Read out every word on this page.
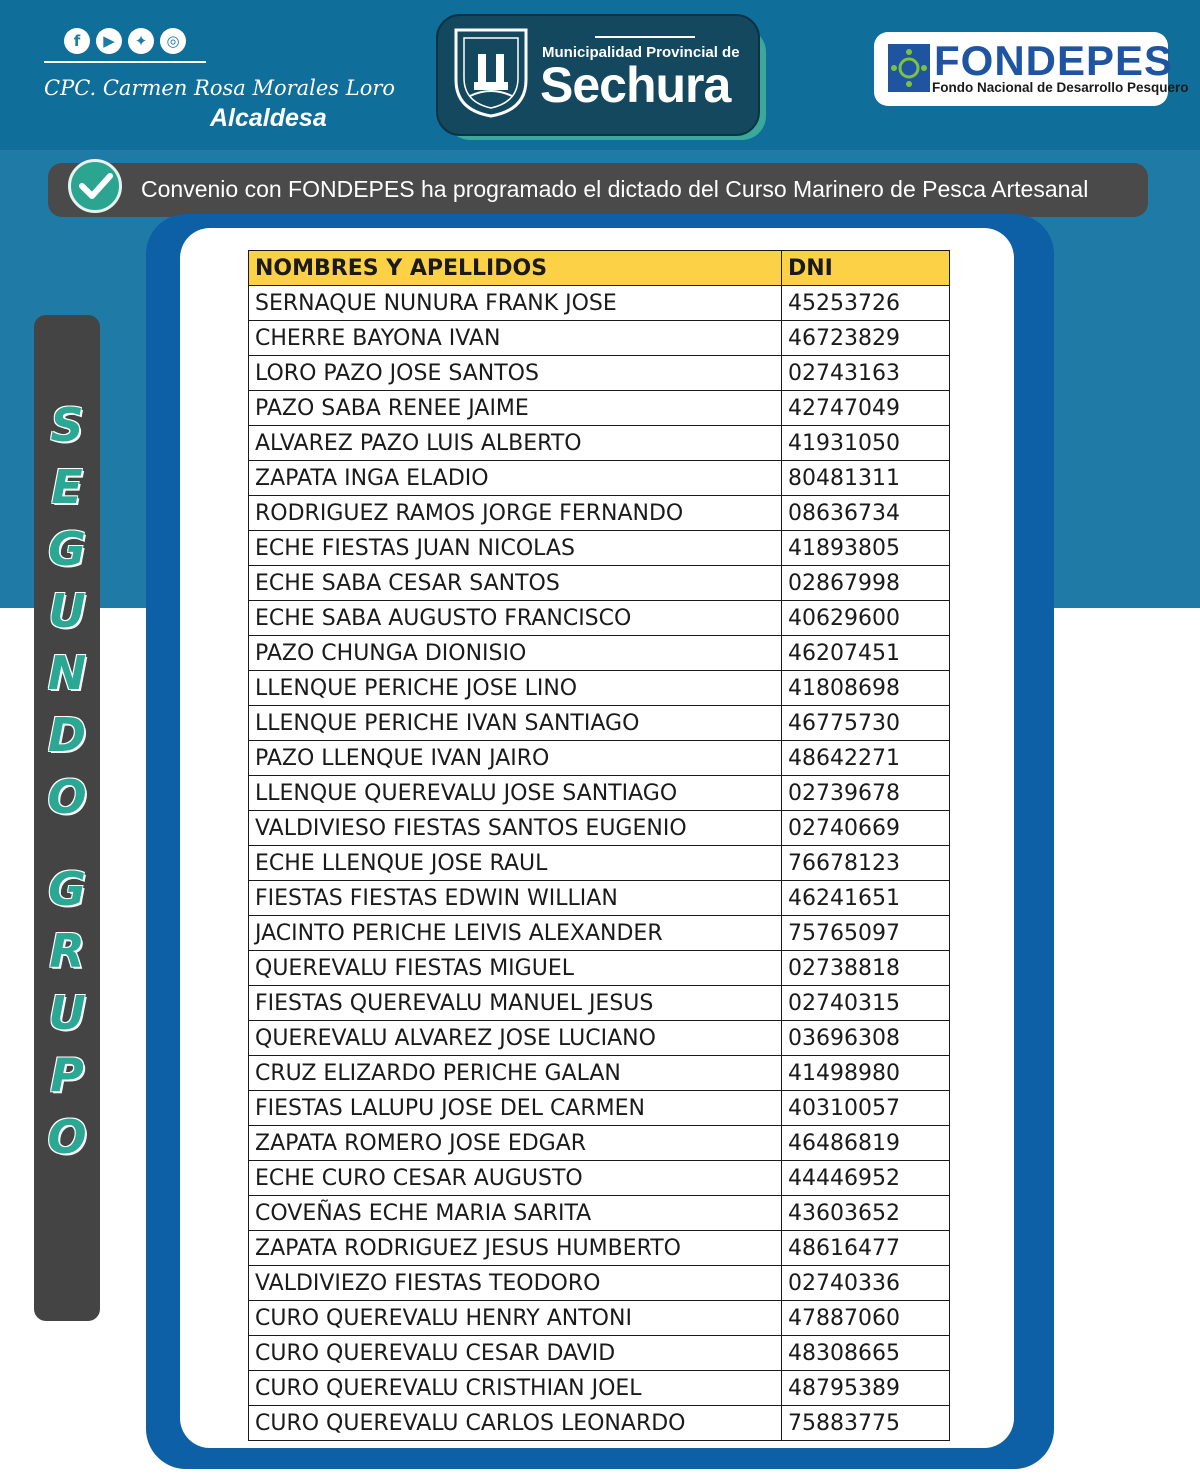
f	▶	✦	◎
CPC. Carmen Rosa Morales Loro
Alcaldesa
Municipalidad Provincial de
Sechura	FONDEPES
Fondo Nacional de Desarrollo Pesquero
Convenio con FONDEPES ha programado el dictado del Curso Marinero de Pesca Artesanal
S
E
G
U
N
D
O
G
R
U
P
O
NOMBRES Y APELLIDOS	DNI
SERNAQUE NUNURA FRANK JOSE	45253726
CHERRE BAYONA IVAN	46723829
LORO PAZO JOSE SANTOS	02743163
PAZO SABA RENEE JAIME	42747049
ALVAREZ PAZO LUIS ALBERTO	41931050
ZAPATA INGA ELADIO	80481311
RODRIGUEZ RAMOS JORGE FERNANDO	08636734
ECHE FIESTAS JUAN NICOLAS	41893805
ECHE SABA CESAR SANTOS	02867998
ECHE SABA AUGUSTO FRANCISCO	40629600
PAZO CHUNGA DIONISIO	46207451
LLENQUE PERICHE JOSE LINO	41808698
LLENQUE PERICHE IVAN SANTIAGO	46775730
PAZO LLENQUE IVAN JAIRO	48642271
LLENQUE QUEREVALU JOSE SANTIAGO	02739678
VALDIVIESO FIESTAS SANTOS EUGENIO	02740669
ECHE LLENQUE JOSE RAUL	76678123
FIESTAS FIESTAS EDWIN WILLIAN	46241651
JACINTO PERICHE LEIVIS ALEXANDER	75765097
QUEREVALU FIESTAS MIGUEL	02738818
FIESTAS QUEREVALU MANUEL JESUS	02740315
QUEREVALU ALVAREZ JOSE LUCIANO	03696308
CRUZ ELIZARDO PERICHE GALAN	41498980
FIESTAS LALUPU JOSE DEL CARMEN	40310057
ZAPATA ROMERO JOSE EDGAR	46486819
ECHE CURO CESAR AUGUSTO	44446952
COVEÑAS ECHE MARIA SARITA	43603652
ZAPATA RODRIGUEZ JESUS HUMBERTO	48616477
VALDIVIEZO FIESTAS TEODORO	02740336
CURO QUEREVALU HENRY ANTONI	47887060
CURO QUEREVALU CESAR DAVID	48308665
CURO QUEREVALU CRISTHIAN JOEL	48795389
CURO QUEREVALU CARLOS LEONARDO	75883775
